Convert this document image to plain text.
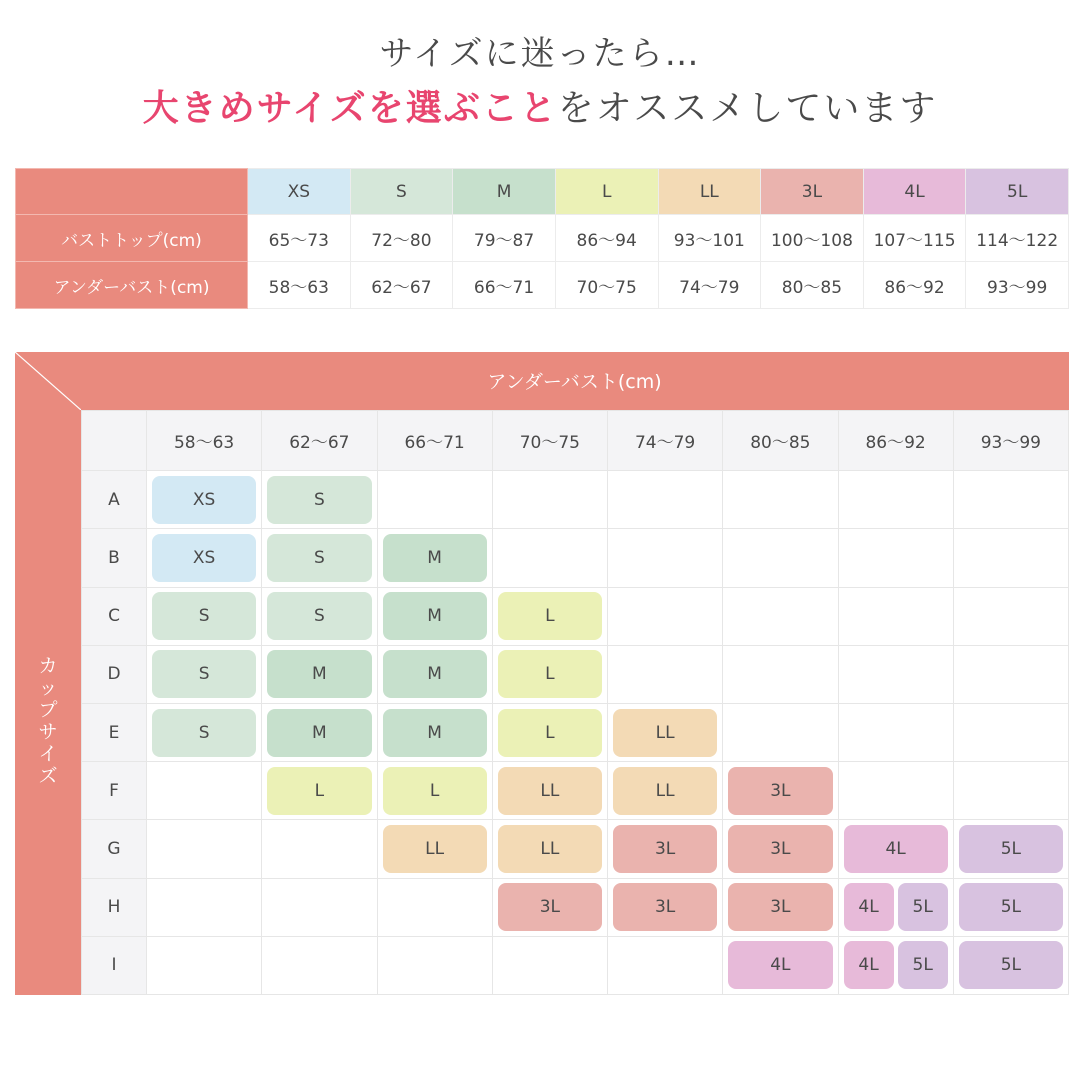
サイズに迷ったら…
大きめサイズを選ぶことをオススメしています
	XS	S	M	L	LL	3L	4L	5L
バストトップ(cm)	65〜73	72〜80	79〜87	86〜94	93〜101	100〜108	107〜115	114〜122
アンダーバスト(cm)	58〜63	62〜67	66〜71	70〜75	74〜79	80〜85	86〜92	93〜99
アンダーバスト(cm)
カ
ッ
プ
サ
イ
ズ
	58〜63	62〜67	66〜71	70〜75	74〜79	80〜85	86〜92	93〜99
A	XS	S						

B	XS	S	M					

C	S	S	M	L				

D	S	M	M	L				

E	S	M	M	L	LL			

F		L	L	LL	LL	3L		

G			LL	LL	3L	3L	4L	5L

H				3L	3L	3L	4L 5L	5L

I						4L	4L 5L	5L
